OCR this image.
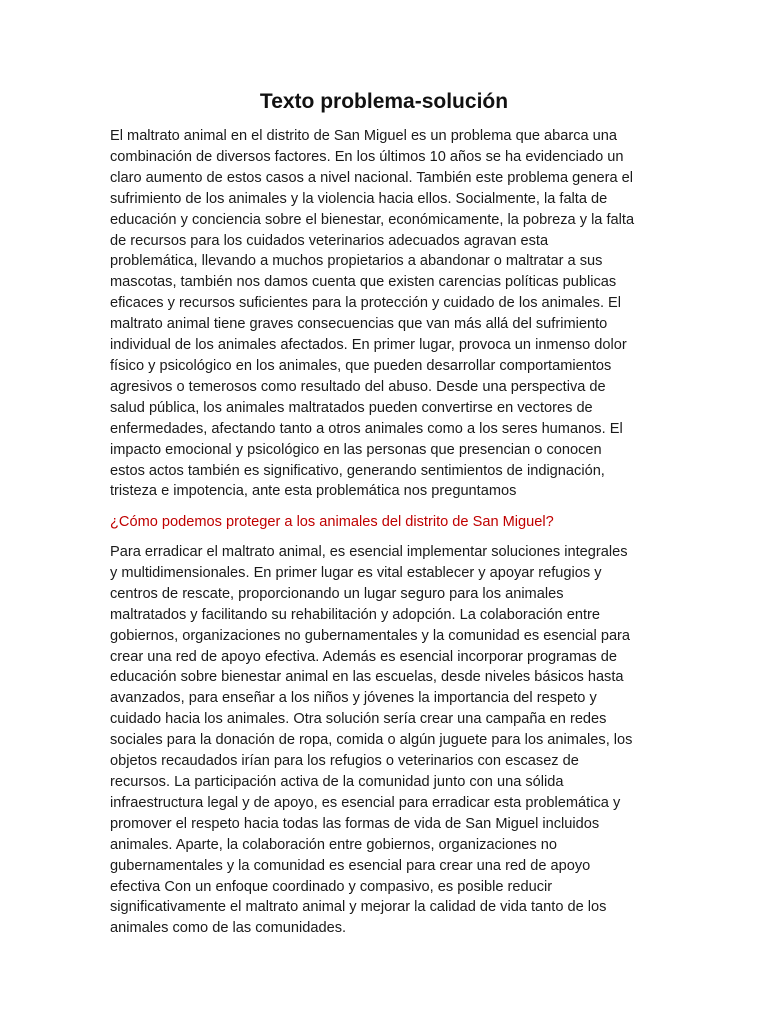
Texto problema-solución

El maltrato animal en el distrito de San Miguel es un problema que abarca una
combinación de diversos factores. En los últimos 10 años se ha evidenciado un
claro aumento de estos casos a nivel nacional. También este problema genera el
sufrimiento de los animales y la violencia hacia ellos. Socialmente, la falta de
educación y conciencia sobre el bienestar, económicamente, la pobreza y la falta
de recursos para los cuidados veterinarios adecuados agravan esta
problemática, llevando a muchos propietarios a abandonar o maltratar a sus
mascotas, también nos damos cuenta que existen carencias políticas publicas
eficaces y recursos suficientes para la protección y cuidado de los animales. El
maltrato animal tiene graves consecuencias que van más allá del sufrimiento
individual de los animales afectados. En primer lugar, provoca un inmenso dolor
físico y psicológico en los animales, que pueden desarrollar comportamientos
agresivos o temerosos como resultado del abuso. Desde una perspectiva de
salud pública, los animales maltratados pueden convertirse en vectores de
enfermedades, afectando tanto a otros animales como a los seres humanos. El
impacto emocional y psicológico en las personas que presencian o conocen
estos actos también es significativo, generando sentimientos de indignación,
tristeza e impotencia, ante esta problemática nos preguntamos

¿Cómo podemos proteger a los animales del distrito de San Miguel?

Para erradicar el maltrato animal, es esencial implementar soluciones integrales
y multidimensionales. En primer lugar es vital establecer y apoyar refugios y
centros de rescate, proporcionando un lugar seguro para los animales
maltratados y facilitando su rehabilitación y adopción. La colaboración entre
gobiernos, organizaciones no gubernamentales y la comunidad es esencial para
crear una red de apoyo efectiva. Además es esencial incorporar programas de
educación sobre bienestar animal en las escuelas, desde niveles básicos hasta
avanzados, para enseñar a los niños y jóvenes la importancia del respeto y
cuidado hacia los animales. Otra solución sería crear una campaña en redes
sociales para la donación de ropa, comida o algún juguete para los animales, los
objetos recaudados irían para los refugios o veterinarios con escasez de
recursos. La participación activa de la comunidad junto con una sólida
infraestructura legal y de apoyo, es esencial para erradicar esta problemática y
promover el respeto hacia todas las formas de vida de San Miguel incluidos
animales. Aparte, la colaboración entre gobiernos, organizaciones no
gubernamentales y la comunidad es esencial para crear una red de apoyo
efectiva Con un enfoque coordinado y compasivo, es posible reducir
significativamente el maltrato animal y mejorar la calidad de vida tanto de los
animales como de las comunidades.
